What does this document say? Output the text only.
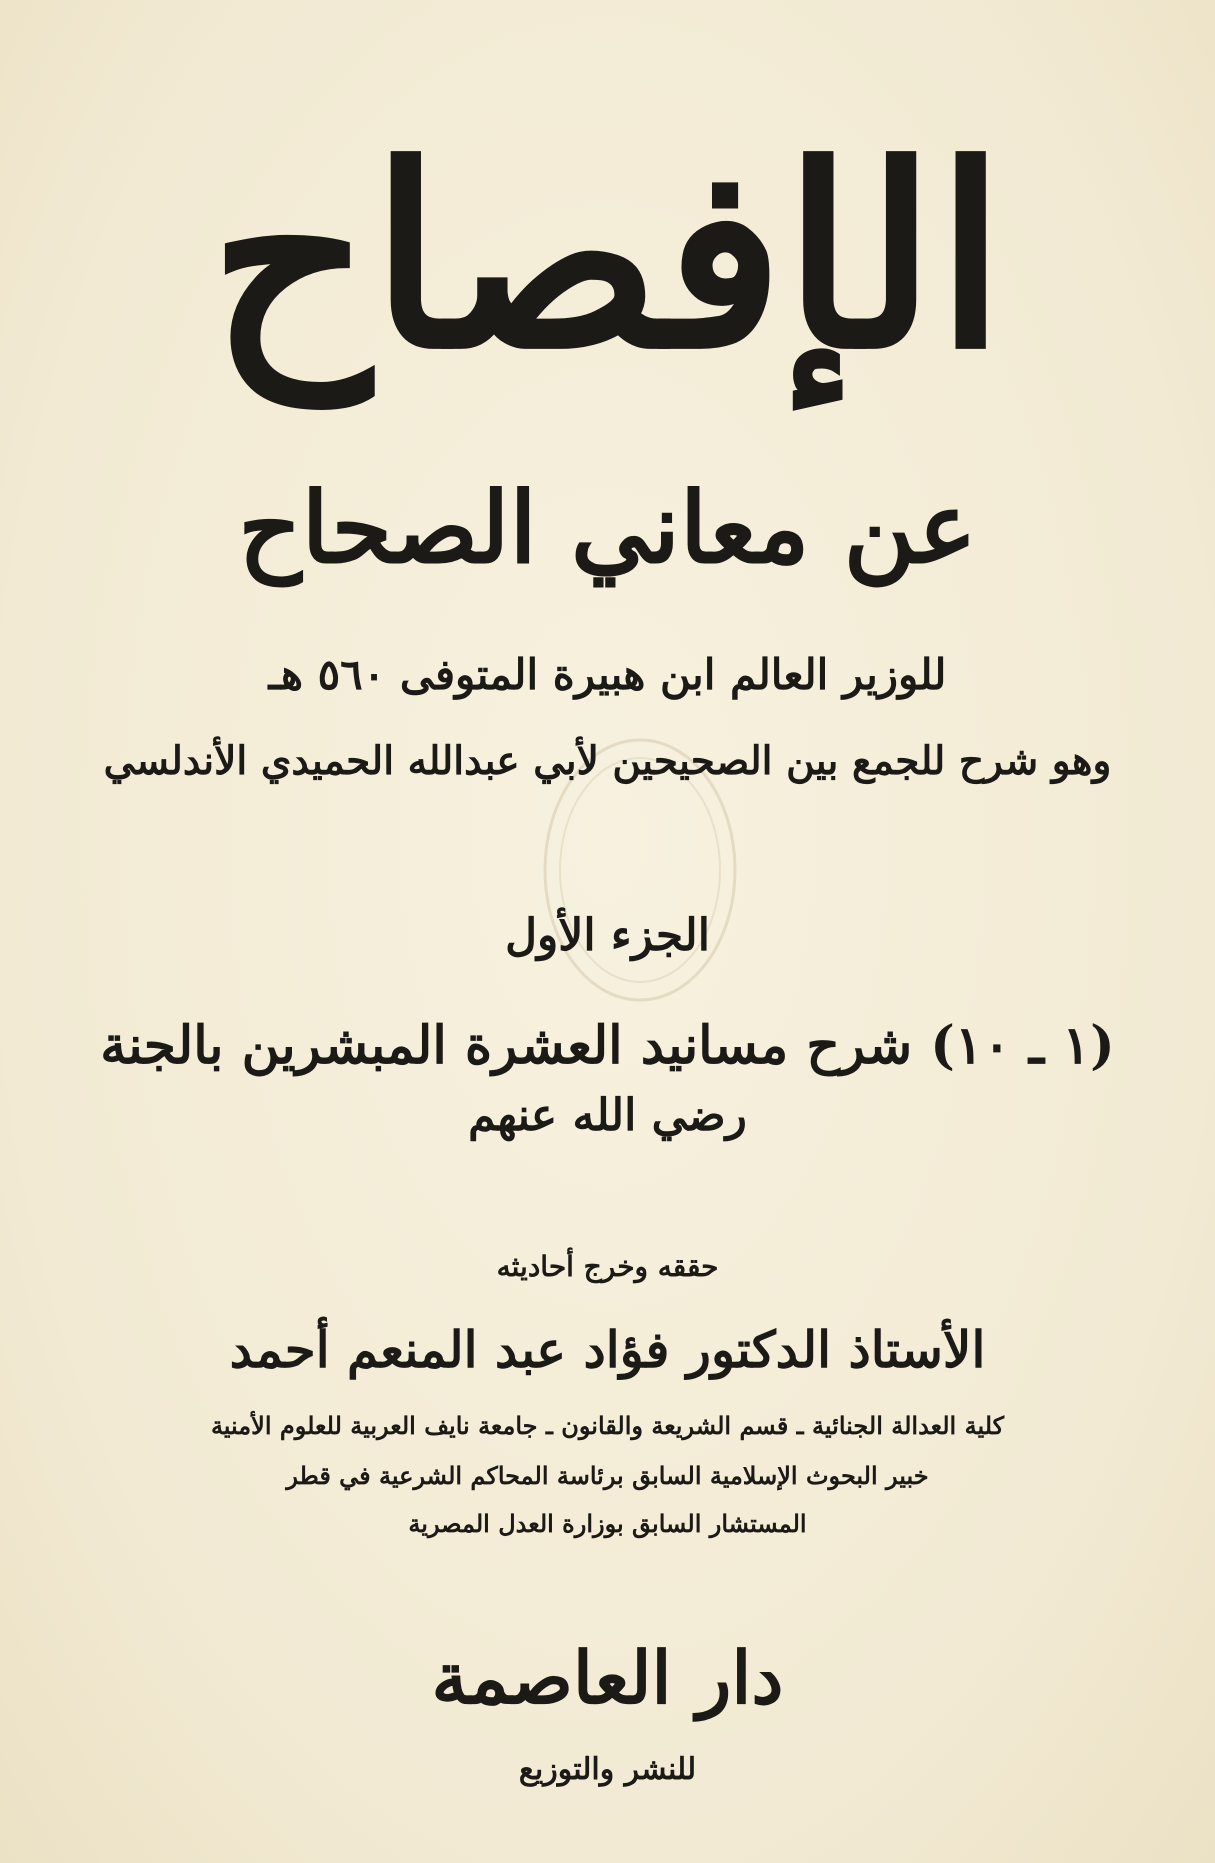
الإفصاح
عن معاني الصحاح
للوزير العالم ابن هبيرة المتوفى ٥٦٠ هـ
وهو شرح للجمع بين الصحيحين لأبي عبدالله الحميدي الأندلسي
الجزء الأول
(١ ـ ١٠) شرح مسانيد العشرة المبشرين بالجنة
رضي الله عنهم
حققه وخرج أحاديثه
الأستاذ الدكتور فؤاد عبد المنعم أحمد
كلية العدالة الجنائية ـ قسم الشريعة والقانون ـ جامعة نايف العربية للعلوم الأمنية
خبير البحوث الإسلامية السابق برئاسة المحاكم الشرعية في قطر
المستشار السابق بوزارة العدل المصرية
دار العاصمة
للنشر والتوزيع
